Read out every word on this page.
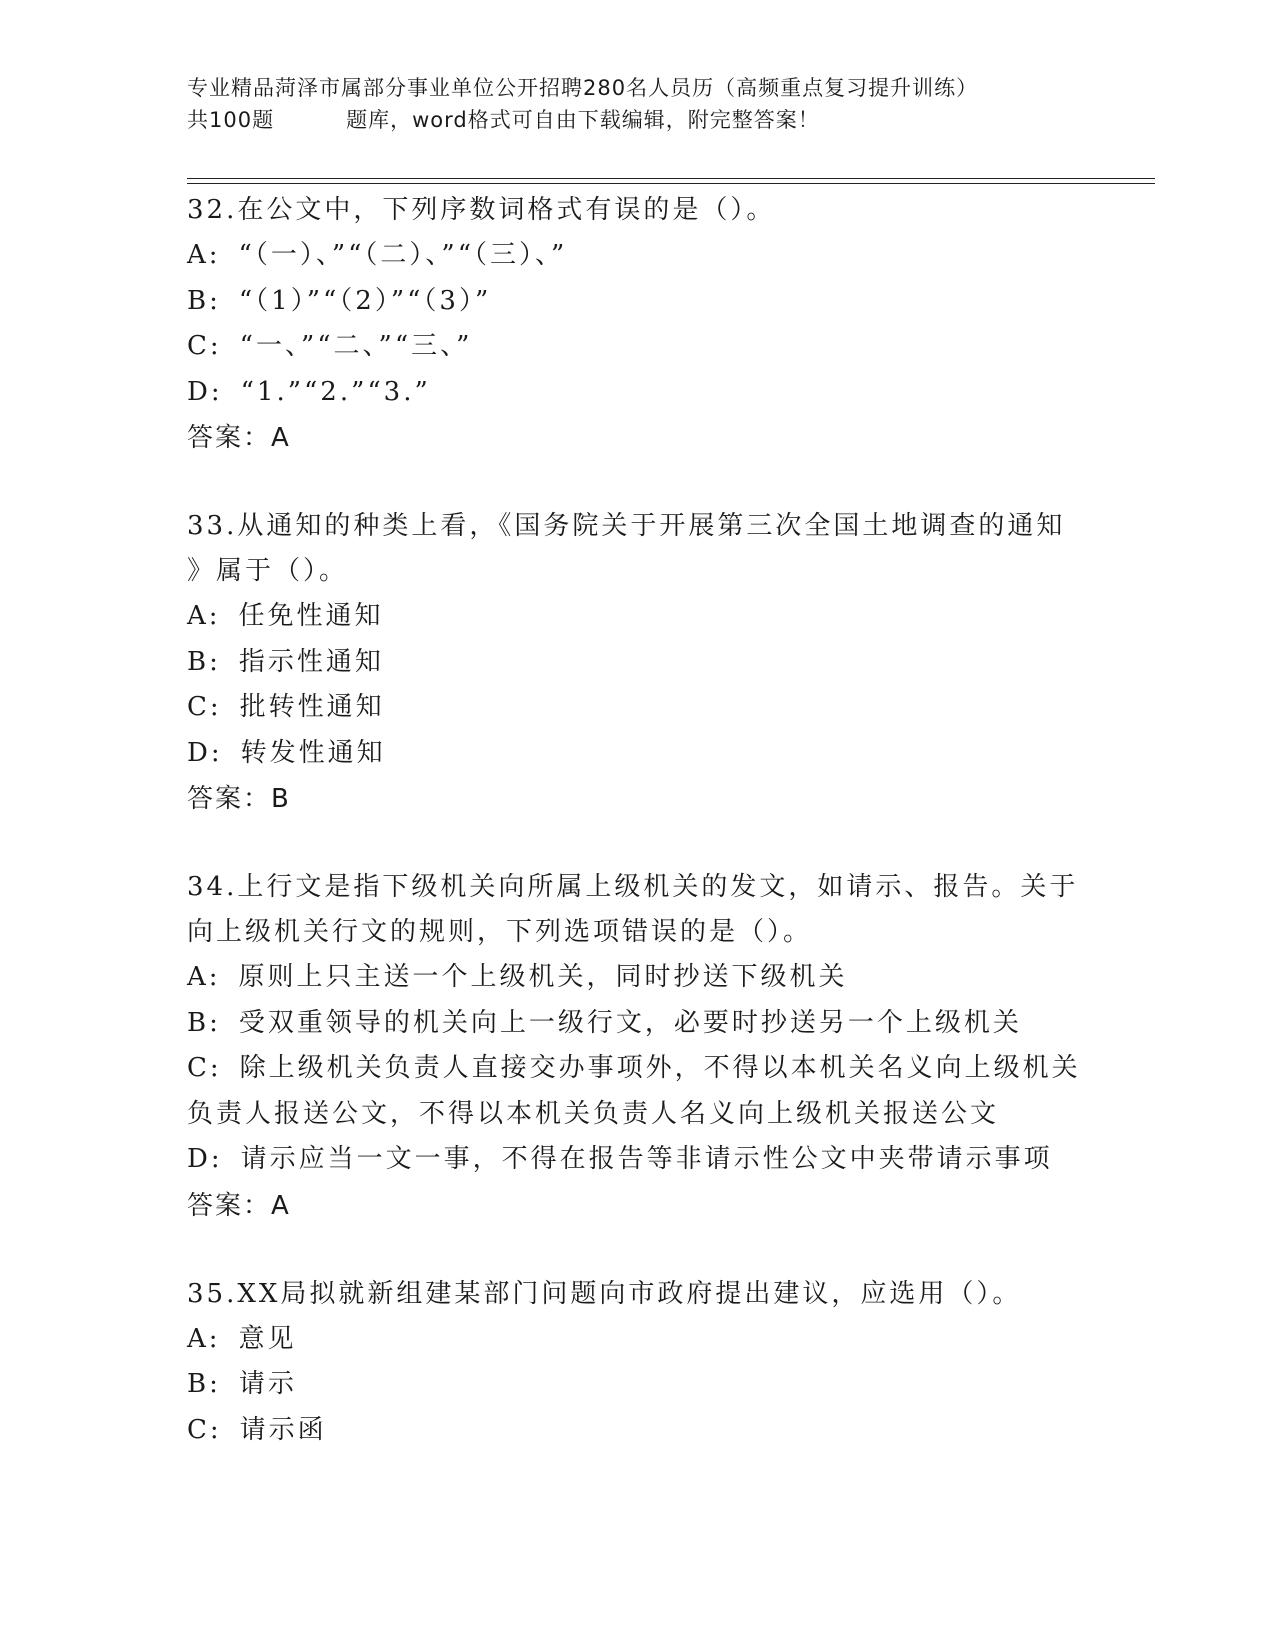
专业精品菏泽市属部分事业单位公开招聘280名人员历（高频重点复习提升训练）
共100题	题库，word格式可自由下载编辑，附完整答案！

32.在公文中，下列序数词格式有误的是（）。

A: “（一）、”“（二）、”“（三）、”

B: “（1）”“（2）”“（3）”

C: “一、”“二、”“三、”

D: “1.”“2.”“3.”

答案：A

33.从通知的种类上看，《国务院关于开展第三次全国土地调查的通知

》属于（）。

A: 任免性通知

B: 指示性通知

C: 批转性通知

D: 转发性通知

答案：B

34.上行文是指下级机关向所属上级机关的发文，如请示、报告。关于

向上级机关行文的规则，下列选项错误的是（）。

A: 原则上只主送一个上级机关，同时抄送下级机关

B: 受双重领导的机关向上一级行文，必要时抄送另一个上级机关

C: 除上级机关负责人直接交办事项外，不得以本机关名义向上级机关

负责人报送公文，不得以本机关负责人名义向上级机关报送公文

D: 请示应当一文一事，不得在报告等非请示性公文中夹带请示事项

答案：A

35.XX局拟就新组建某部门问题向市政府提出建议，应选用（）。

A: 意见

B: 请示

C: 请示函
